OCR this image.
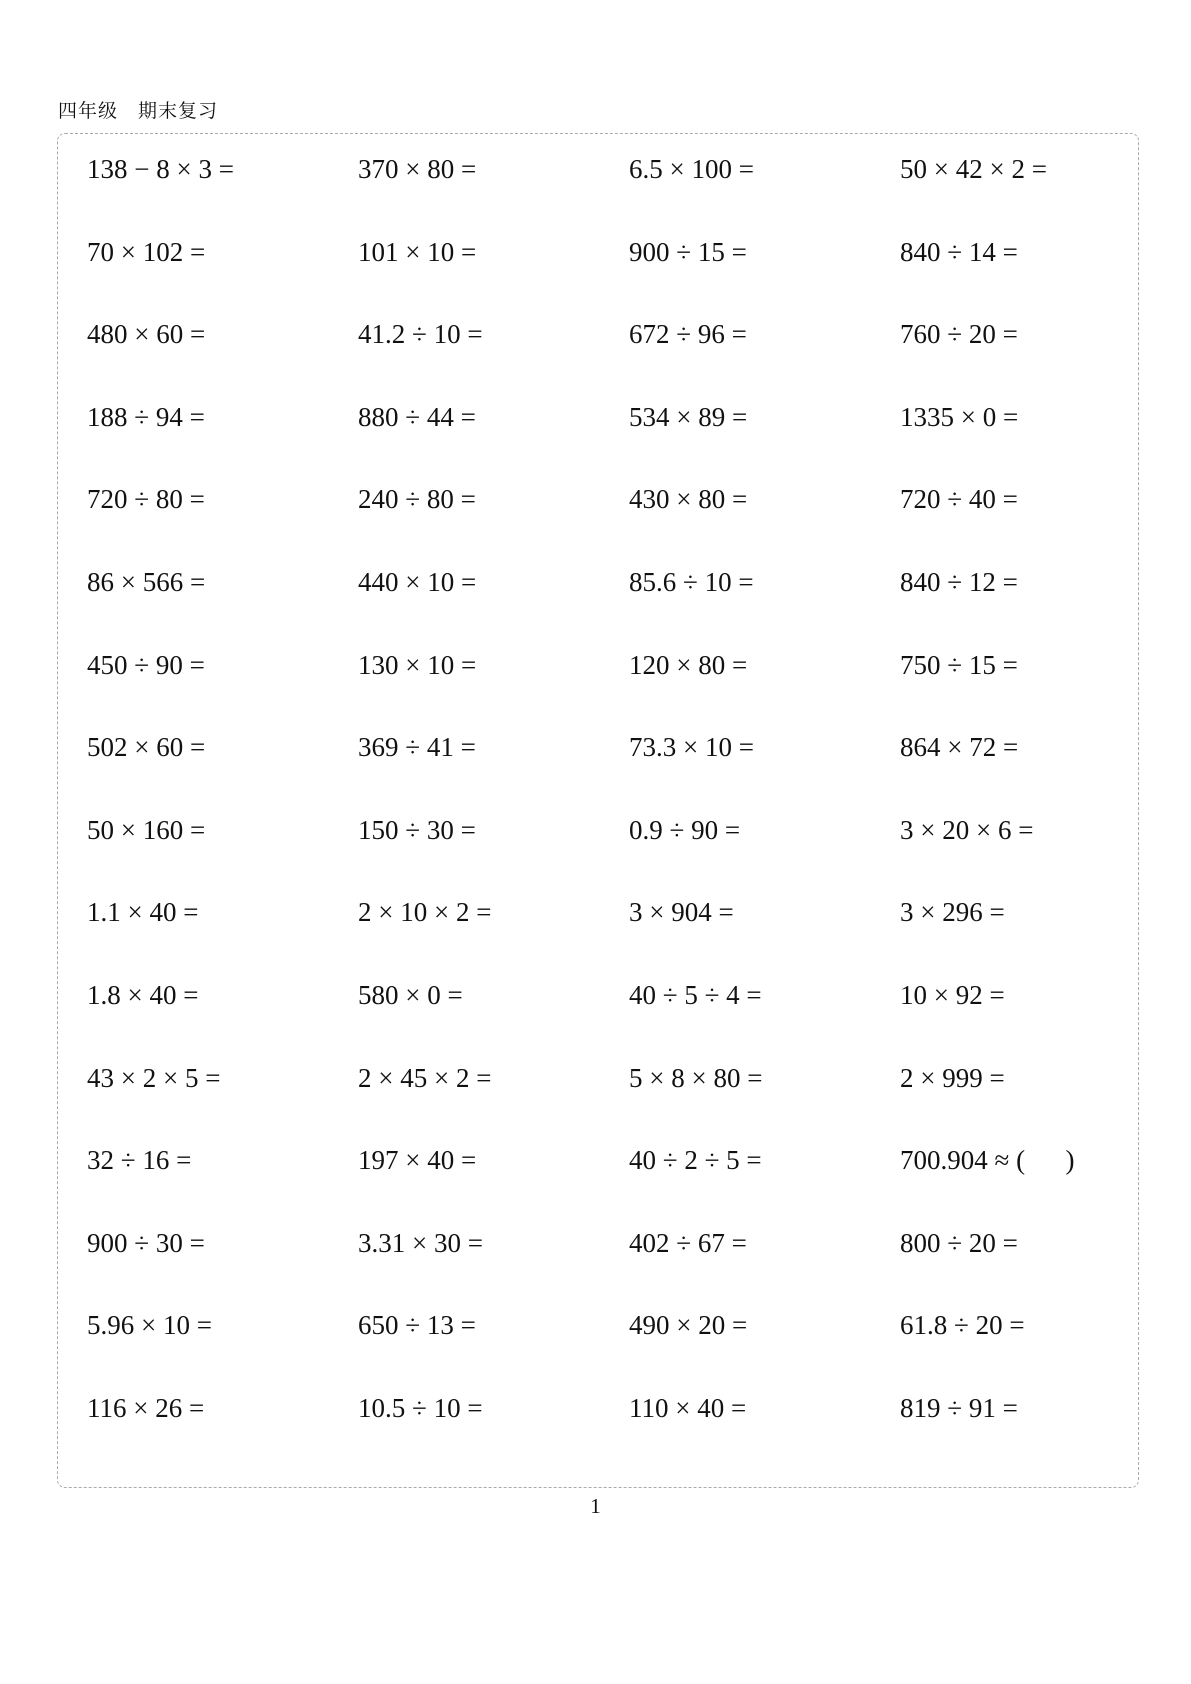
四年级　期末复习
138 − 8 × 3 =	370 × 80 =	6.5 × 100 =	50 × 42 × 2 =
70 × 102 =	101 × 10 =	900 ÷ 15 =	840 ÷ 14 =
480 × 60 =	41.2 ÷ 10 =	672 ÷ 96 =	760 ÷ 20 =
188 ÷ 94 =	880 ÷ 44 =	534 × 89 =	1335 × 0 =
720 ÷ 80 =	240 ÷ 80 =	430 × 80 =	720 ÷ 40 =
86 × 566 =	440 × 10 =	85.6 ÷ 10 =	840 ÷ 12 =
450 ÷ 90 =	130 × 10 =	120 × 80 =	750 ÷ 15 =
502 × 60 =	369 ÷ 41 =	73.3 × 10 =	864 × 72 =
50 × 160 =	150 ÷ 30 =	0.9 ÷ 90 =	3 × 20 × 6 =
1.1 × 40 =	2 × 10 × 2 =	3 × 904 =	3 × 296 =
1.8 × 40 =	580 × 0 =	40 ÷ 5 ÷ 4 =	10 × 92 =
43 × 2 × 5 =	2 × 45 × 2 =	5 × 8 × 80 =	2 × 999 =
32 ÷ 16 =	197 × 40 =	40 ÷ 2 ÷ 5 =	700.904 ≈ (      )
900 ÷ 30 =	3.31 × 30 =	402 ÷ 67 =	800 ÷ 20 =
5.96 × 10 =	650 ÷ 13 =	490 × 20 =	61.8 ÷ 20 =
116 × 26 =	10.5 ÷ 10 =	110 × 40 =	819 ÷ 91 =
1
